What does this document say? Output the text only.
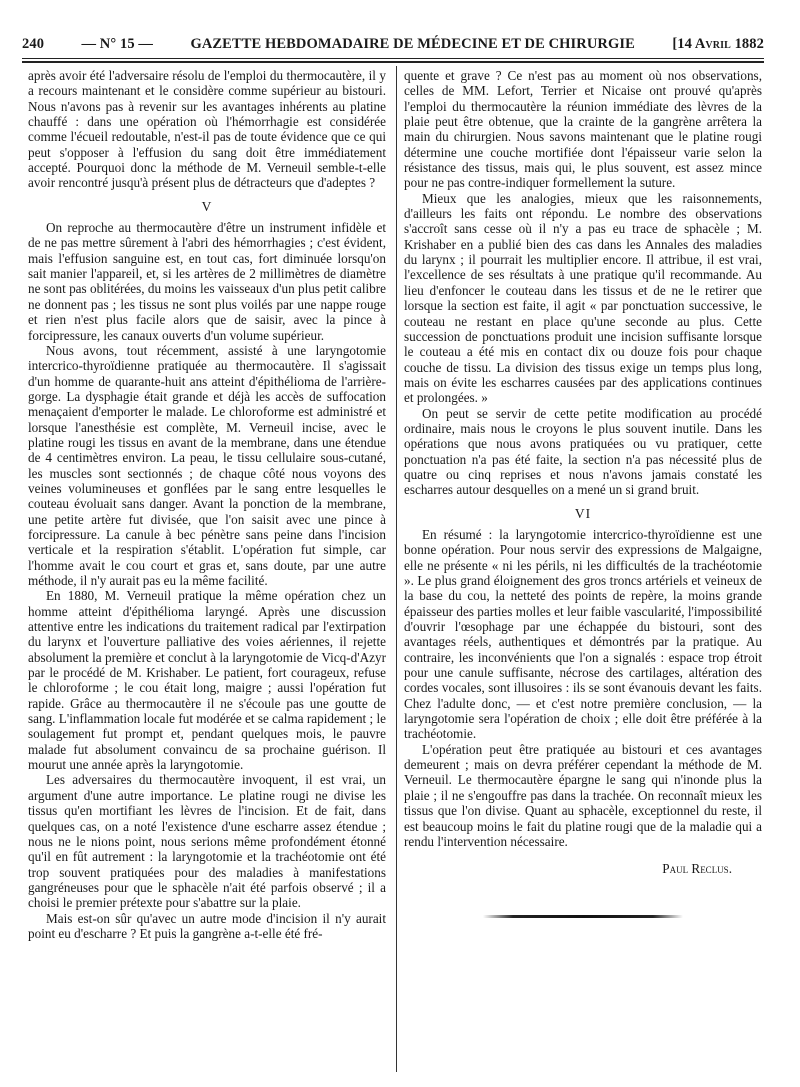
240	— N° 15 —	GAZETTE HEBDOMADAIRE DE MÉDECINE ET DE CHIRURGIE	[14 Avril 1882

après avoir été l'adversaire résolu de l'emploi du thermocautère, il y a recours maintenant et le considère comme supérieur au bistouri. Nous n'avons pas à revenir sur les avantages inhérents au platine chauffé : dans une opération où l'hémorrhagie est considérée comme l'écueil redoutable, n'est-il pas de toute évidence que ce qui peut s'opposer à l'effusion du sang doit être immédiatement accepté. Pourquoi donc la méthode de M. Verneuil semble-t-elle avoir rencontré jusqu'à présent plus de détracteurs que d'adeptes ?

V

On reproche au thermocautère d'être un instrument infidèle et de ne pas mettre sûrement à l'abri des hémorrhagies ; c'est évident, mais l'effusion sanguine est, en tout cas, fort diminuée lorsqu'on sait manier l'appareil, et, si les artères de 2 millimètres de diamètre ne sont pas oblitérées, du moins les vaisseaux d'un plus petit calibre ne donnent pas ; les tissus ne sont plus voilés par une nappe rouge et rien n'est plus facile alors que de saisir, avec la pince à forcipressure, les canaux ouverts d'un volume supérieur.

Nous avons, tout récemment, assisté à une laryngotomie intercrico-thyroïdienne pratiquée au thermocautère. Il s'agissait d'un homme de quarante-huit ans atteint d'épithélioma de l'arrière-gorge. La dysphagie était grande et déjà les accès de suffocation menaçaient d'emporter le malade. Le chloroforme est administré et lorsque l'anesthésie est complète, M. Verneuil incise, avec le platine rougi les tissus en avant de la membrane, dans une étendue de 4 centimètres environ. La peau, le tissu cellulaire sous-cutané, les muscles sont sectionnés ; de chaque côté nous voyons des veines volumineuses et gonflées par le sang entre lesquelles le couteau évoluait sans danger. Avant la ponction de la membrane, une petite artère fut divisée, que l'on saisit avec une pince à forcipressure. La canule à bec pénètre sans peine dans l'incision verticale et la respiration s'établit. L'opération fut simple, car l'homme avait le cou court et gras et, sans doute, par une autre méthode, il n'y aurait pas eu la même facilité.

En 1880, M. Verneuil pratique la même opération chez un homme atteint d'épithélioma laryngé. Après une discussion attentive entre les indications du traitement radical par l'extirpation du larynx et l'ouverture palliative des voies aériennes, il rejette absolument la première et conclut à la laryngotomie de Vicq-d'Azyr par le procédé de M. Krishaber. Le patient, fort courageux, refuse le chloroforme ; le cou était long, maigre ; aussi l'opération fut rapide. Grâce au thermocautère il ne s'écoule pas une goutte de sang. L'inflammation locale fut modérée et se calma rapidement ; le soulagement fut prompt et, pendant quelques mois, le pauvre malade fut absolument convaincu de sa prochaine guérison. Il mourut une année après la laryngotomie.

Les adversaires du thermocautère invoquent, il est vrai, un argument d'une autre importance. Le platine rougi ne divise les tissus qu'en mortifiant les lèvres de l'incision. Et de fait, dans quelques cas, on a noté l'existence d'une escharre assez étendue ; nous ne le nions point, nous serions même profondément étonné qu'il en fût autrement : la laryngotomie et la trachéotomie ont été trop souvent pratiquées pour des maladies à manifestations gangréneuses pour que le sphacèle n'ait été parfois observé ; il a choisi le premier prétexte pour s'abattre sur la plaie.

Mais est-on sûr qu'avec un autre mode d'incision il n'y aurait point eu d'escharre ? Et puis la gangrène a-t-elle été fré-

quente et grave ? Ce n'est pas au moment où nos observations, celles de MM. Lefort, Terrier et Nicaise ont prouvé qu'après l'emploi du thermocautère la réunion immédiate des lèvres de la plaie peut être obtenue, que la crainte de la gangrène arrêtera la main du chirurgien. Nous savons maintenant que le platine rougi détermine une couche mortifiée dont l'épaisseur varie selon la résistance des tissus, mais qui, le plus souvent, est assez mince pour ne pas contre-indiquer formellement la suture.

Mieux que les analogies, mieux que les raisonnements, d'ailleurs les faits ont répondu. Le nombre des observations s'accroît sans cesse où il n'y a pas eu trace de sphacèle ; M. Krishaber en a publié bien des cas dans les Annales des maladies du larynx ; il pourrait les multiplier encore. Il attribue, il est vrai, l'excellence de ses résultats à une pratique qu'il recommande. Au lieu d'enfoncer le couteau dans les tissus et de ne le retirer que lorsque la section est faite, il agit « par ponctuation successive, le couteau ne restant en place qu'une seconde au plus. Cette succession de ponctuations produit une incision suffisante lorsque le couteau a été mis en contact dix ou douze fois pour chaque couche de tissu. La division des tissus exige un temps plus long, mais on évite les escharres causées par des applications continues et prolongées. »

On peut se servir de cette petite modification au procédé ordinaire, mais nous le croyons le plus souvent inutile. Dans les opérations que nous avons pratiquées ou vu pratiquer, cette ponctuation n'a pas été faite, la section n'a pas nécessité plus de quatre ou cinq reprises et nous n'avons jamais constaté les escharres autour desquelles on a mené un si grand bruit.

VI

En résumé : la laryngotomie intercrico-thyroïdienne est une bonne opération. Pour nous servir des expressions de Malgaigne, elle ne présente « ni les périls, ni les difficultés de la trachéotomie ». Le plus grand éloignement des gros troncs artériels et veineux de la base du cou, la netteté des points de repère, la moins grande épaisseur des parties molles et leur faible vascularité, l'impossibilité d'ouvrir l'œsophage par une échappée du bistouri, sont des avantages réels, authentiques et démontrés par la pratique. Au contraire, les inconvénients que l'on a signalés : espace trop étroit pour une canule suffisante, nécrose des cartilages, altération des cordes vocales, sont illusoires : ils se sont évanouis devant les faits. Chez l'adulte donc, — et c'est notre première conclusion, — la laryngotomie sera l'opération de choix ; elle doit être préférée à la trachéotomie.

L'opération peut être pratiquée au bistouri et ces avantages demeurent ; mais on devra préférer cependant la méthode de M. Verneuil. Le thermocautère épargne le sang qui n'inonde plus la plaie ; il ne s'engouffre pas dans la trachée. On reconnaît mieux les tissus que l'on divise. Quant au sphacèle, exceptionnel du reste, il est beaucoup moins le fait du platine rougi que de la maladie qui a rendu l'intervention nécessaire.

Paul Reclus.
